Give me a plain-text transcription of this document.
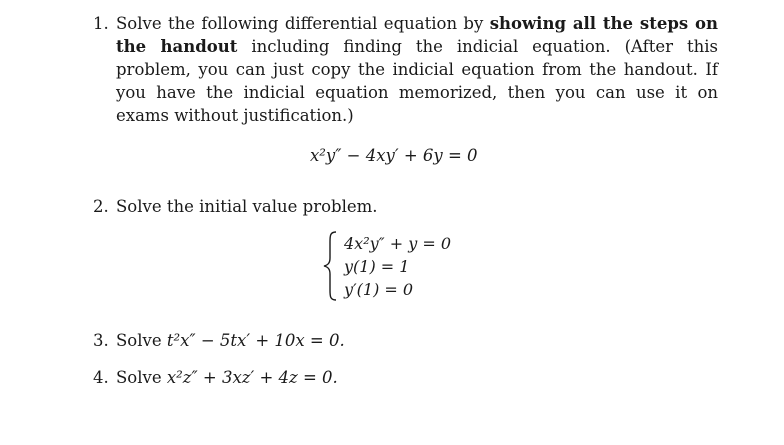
1. Solve the following differential equation by showing all the steps on the handout including finding the indicial equation. (After this problem, you can just copy the indicial equation from the handout. If you have the indicial equation memorized, then you can use it on exams without justification.)
x²y″ − 4xy′ + 6y = 0
2. Solve the initial value problem.
4x²y″ + y = 0
y(1) = 1
y′(1) = 0
3. Solve t²x″ − 5tx′ + 10x = 0.
4. Solve x²z″ + 3xz′ + 4z = 0.
